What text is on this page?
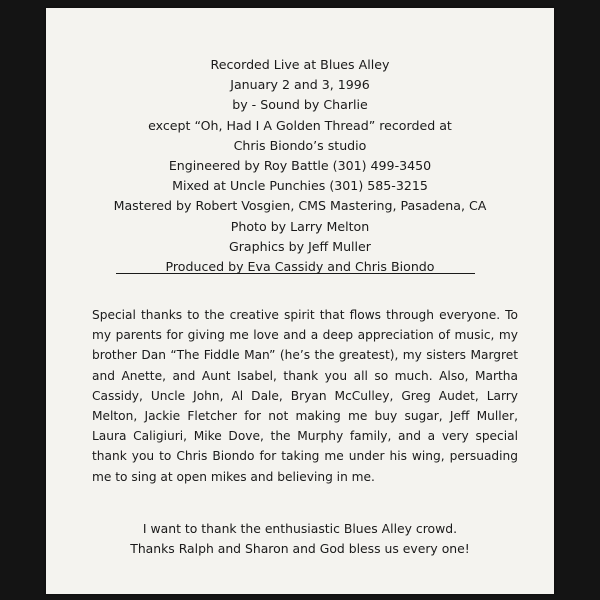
Recorded Live at Blues Alley
January 2 and 3, 1996
by - Sound by Charlie
except “Oh, Had I A Golden Thread” recorded at
Chris Biondo’s studio
Engineered by Roy Battle (301) 499-3450
Mixed at Uncle Punchies (301) 585-3215
Mastered by Robert Vosgien, CMS Mastering, Pasadena, CA
Photo by Larry Melton
Graphics by Jeff Muller
Produced by Eva Cassidy and Chris Biondo
Special thanks to the creative spirit that flows through everyone. To my parents for giving me love and a deep appreciation of music, my brother Dan “The Fiddle Man” (he’s the greatest), my sisters Margret and Anette, and Aunt Isabel, thank you all so much. Also, Martha Cassidy, Uncle John, Al Dale, Bryan McCulley, Greg Audet, Larry Melton, Jackie Fletcher for not making me buy sugar, Jeff Muller, Laura Caligiuri, Mike Dove, the Murphy family, and a very special thank you to Chris Biondo for taking me under his wing, persuading me to sing at open mikes and believing in me.
I want to thank the enthusiastic Blues Alley crowd.
Thanks Ralph and Sharon and God bless us every one!
